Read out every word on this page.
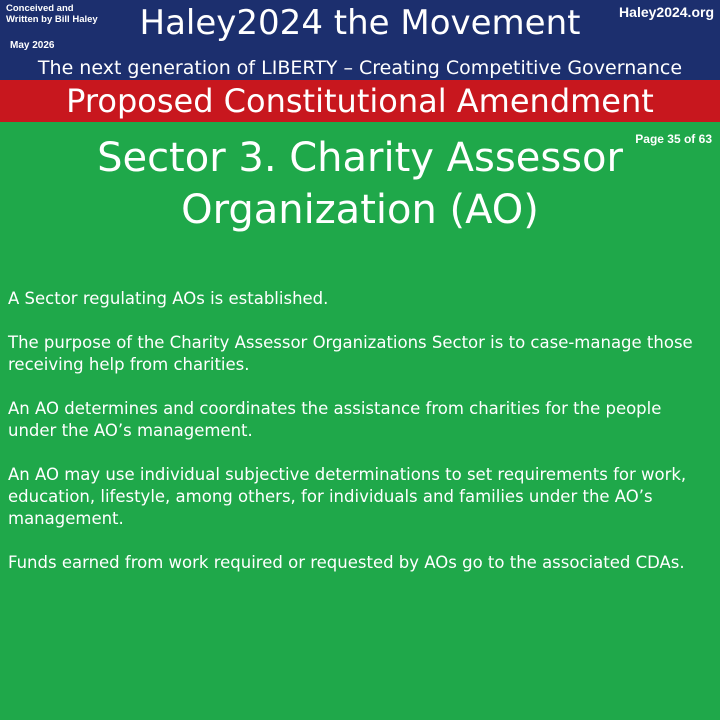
Conceived and Written by Bill Haley
May 2026
Haley2024 the Movement	Haley2024.org
The next generation of LIBERTY – Creating Competitive Governance
Proposed Constitutional Amendment
Page 35 of 63
Sector 3. Charity Assessor Organization (AO)

A Sector regulating AOs is established.

The purpose of the Charity Assessor Organizations Sector is to case-manage those receiving help from charities.

An AO determines and coordinates the assistance from charities for the people under the AO’s management.

An AO may use individual subjective determinations to set requirements for work, education, lifestyle, among others, for individuals and families under the AO’s management.

Funds earned from work required or requested by AOs go to the associated CDAs.
